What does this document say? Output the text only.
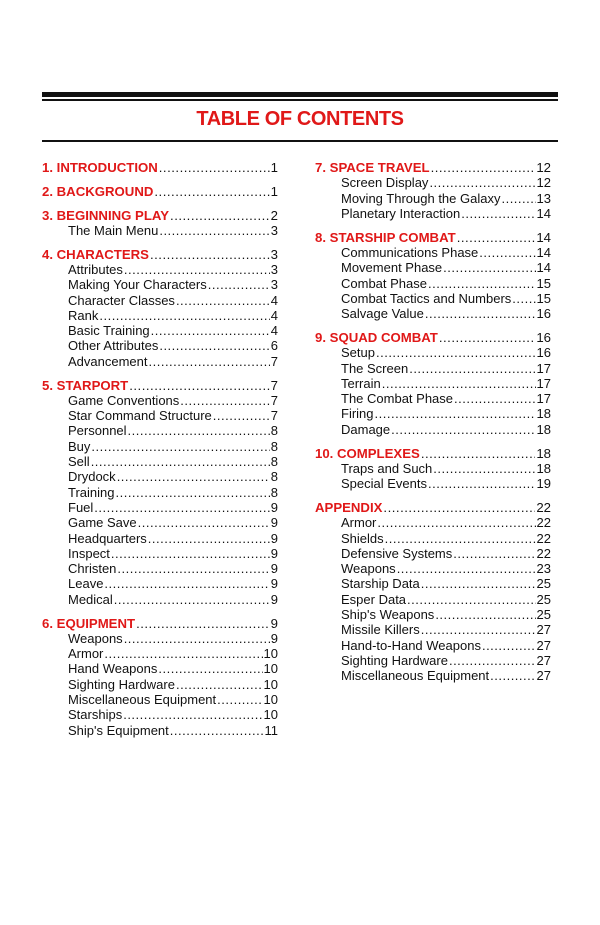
TABLE OF CONTENTS
1. INTRODUCTION .....	1
2. BACKGROUND .....	1
3. BEGINNING PLAY .....	2
The Main Menu .....	3
4. CHARACTERS .....	3
Attributes .....	3
Making Your Characters .....	3
Character Classes .....	4
Rank .....	4
Basic Training .....	4
Other Attributes .....	6
Advancement .....	7
5. STARPORT .....	7
Game Conventions .....	7
Star Command Structure .....	7
Personnel .....	8
Buy .....	8
Sell .....	8
Drydock .....	8
Training .....	8
Fuel .....	9
Game Save .....	9
Headquarters .....	9
Inspect .....	9
Christen .....	9
Leave .....	9
Medical .....	9
6. EQUIPMENT .....	9
Weapons .....	9
Armor .....	10
Hand Weapons .....	10
Sighting Hardware .....	10
Miscellaneous Equipment .....	10
Starships .....	10
Ship's Equipment .....	11
7. SPACE TRAVEL .....	12
Screen Display .....	12
Moving Through the Galaxy .....	13
Planetary Interaction .....	14
8. STARSHIP COMBAT .....	14
Communications Phase .....	14
Movement Phase .....	14
Combat Phase .....	15
Combat Tactics and Numbers ..... 15
Salvage Value .....	16
9. SQUAD COMBAT .....	16
Setup .....	16
The Screen .....	17
Terrain .....	17
The Combat Phase .....	17
Firing .....	18
Damage .....	18
10. COMPLEXES .....	18
Traps and Such .....	18
Special Events .....	19
APPENDIX .....	22
Armor .....	22
Shields .....	22
Defensive Systems .....	22
Weapons .....	23
Starship Data .....	25
Esper Data .....	25
Ship's Weapons .....	25
Missile Killers .....	27
Hand-to-Hand Weapons .....	27
Sighting Hardware .....	27
Miscellaneous Equipment .....	27
